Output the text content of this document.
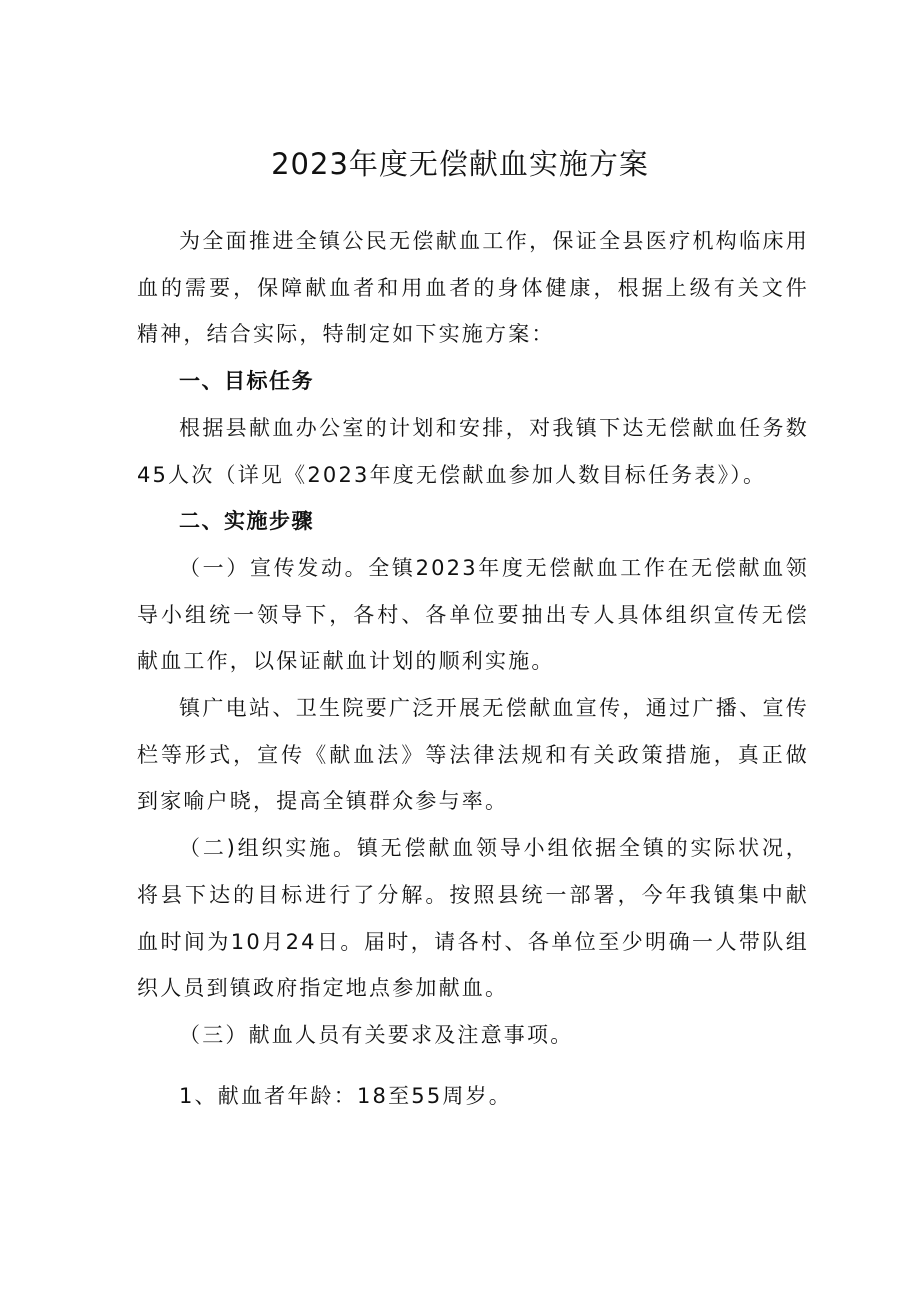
2023年度无偿献血实施方案

为全面推进全镇公民无偿献血工作，保证全县医疗机构临床用血的需要，保障献血者和用血者的身体健康，根据上级有关文件精神，结合实际，特制定如下实施方案：

一、目标任务

根据县献血办公室的计划和安排，对我镇下达无偿献血任务数45人次（详见《2023年度无偿献血参加人数目标任务表》）。

二、实施步骤

（一）宣传发动。全镇2023年度无偿献血工作在无偿献血领导小组统一领导下，各村、各单位要抽出专人具体组织宣传无偿献血工作，以保证献血计划的顺利实施。

镇广电站、卫生院要广泛开展无偿献血宣传，通过广播、宣传栏等形式，宣传《献血法》等法律法规和有关政策措施，真正做到家喻户晓，提高全镇群众参与率。

（二)组织实施。镇无偿献血领导小组依据全镇的实际状况，将县下达的目标进行了分解。按照县统一部署，今年我镇集中献血时间为10月24日。届时，请各村、各单位至少明确一人带队组织人员到镇政府指定地点参加献血。

（三）献血人员有关要求及注意事项。

1、献血者年龄：18至55周岁。
